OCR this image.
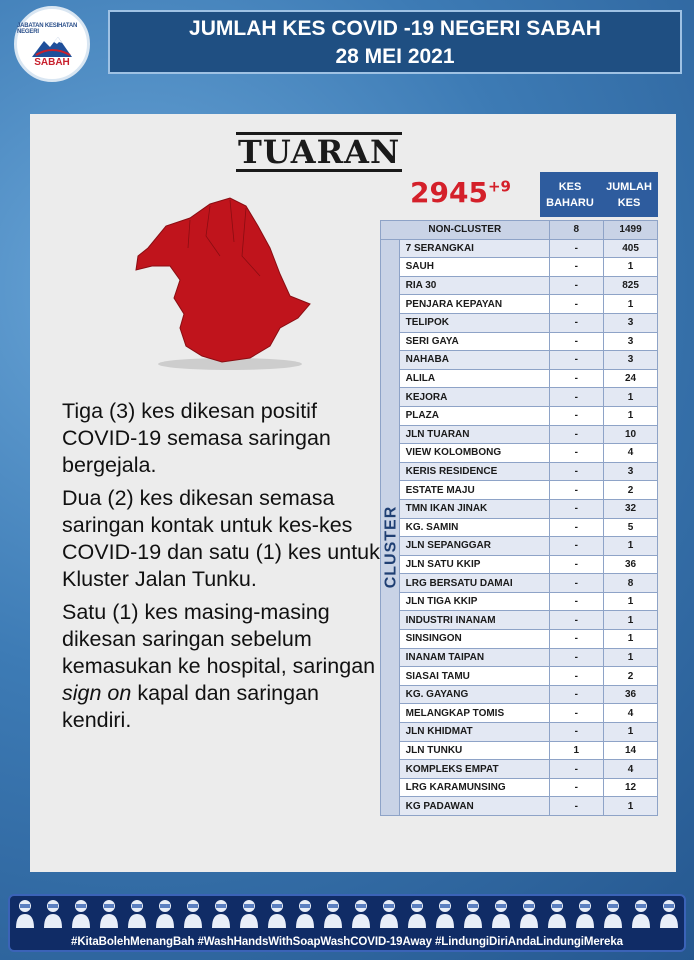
JABATAN KESIHATAN NEGERI
SABAH
JUMLAH KES COVID -19 NEGERI SABAH
28 MEI 2021
TUARAN

Tiga (3) kes dikesan positif COVID-19 semasa saringan bergejala.

Dua (2) kes dikesan semasa saringan kontak untuk kes-kes COVID-19 dan satu (1) kes untuk Kluster Jalan Tunku.

Satu (1) kes masing-masing dikesan saringan sebelum kemasukan ke hospital, saringan sign on kapal dan saringan kendiri.

$2945^{+9}$	KES BAHARU
JUMLAH KES
NON-CLUSTER		8	1499
	7 SERANGKAI	-	405
	SAUH	-	1
	RIA 30	-	825
	PENJARA KEPAYAN	-	1
	TELIPOK	-	3
	SERI GAYA	-	3
	NAHABA	-	3
	ALILA	-	24
	KEJORA	-	1
	PLAZA	-	1
	JLN TUARAN	-	10
	VIEW KOLOMBONG	-	4
	KERIS RESIDENCE	-	3
	ESTATE MAJU	-	2
	TMN IKAN JINAK	-	32
	KG. SAMIN	-	5
	JLN SEPANGGAR	-	1
	JLN SATU KKIP	-	36
	LRG BERSATU DAMAI	-	8
	JLN TIGA KKIP	-	1
	INDUSTRI INANAM	-	1
	SINSINGON	-	1
	INANAM TAIPAN	-	1
	SIASAI TAMU	-	2
	KG. GAYANG	-	36
	MELANGKAP TOMIS	-	4
	JLN KHIDMAT	-	1
	JLN TUNKU	1	14
	KOMPLEKS EMPAT	-	4
	LRG KARAMUNSING	-	12
	KG PADAWAN	-	1
CLUSTER
#KitaBolehMenangBah #WashHandsWithSoapWashCOVID-19Away #LindungiDiriAndaLindungiMereka
